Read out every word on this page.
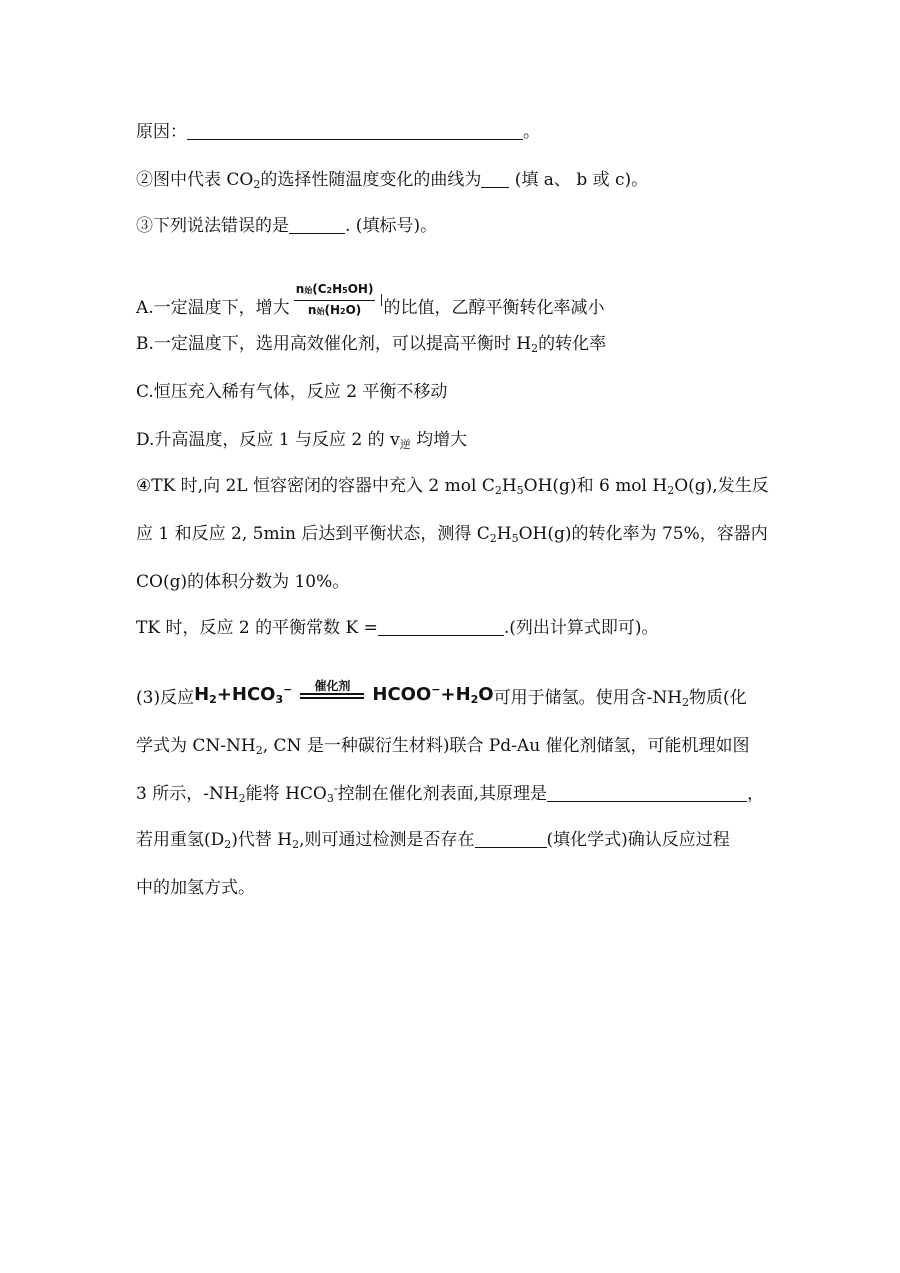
原因：	。
②图中代表 $CO_2$的选择性随温度变化的曲线为 (填 a、 b 或 c)。
③下列说法错误的是	. (填标号)。
A.一定温度下，增大 $\frac{\text{n始(C2H5OH)}}{\text{n始(H2O)}} ^|$的比值，乙醇平衡转化率减小
B.一定温度下，选用高效催化剂，可以提高平衡时 $H_2$的转化率
C.恒压充入稀有气体，反应 2 平衡不移动
D.升高温度，反应 1 与反应 2 的 $v_逆$ 均增大
④TK 时,向 2L 恒容密闭的容器中充入 2 mol $C_2H_5OH(g)$和 6 mol $H_2O(g)$,发生反
应 1 和反应 2, 5min 后达到平衡状态，测得 $C_2H_5OH(g)$的转化率为 75%，容器内
CO(g)的体积分数为 10%。
TK 时，反应 2 的平衡常数 K =	.(列出计算式即可)。
(3)反应$H_2+HCO_3^-$	催化剂	$HCOO^-+H_2O$可用于储氢。使用含$-NH_2$物质(化
学式为 $CN-NH_2$, CN 是一种碳衍生材料)联合 Pd-Au 催化剂储氢，可能机理如图
3 所示，$-NH_2$能将 $HCO_3^-$控制在催化剂表面,其原理是	，
若用重氢$(D_2)$代替 $H_2$,则可通过检测是否存在	(填化学式)确认反应过程
中的加氢方式。
